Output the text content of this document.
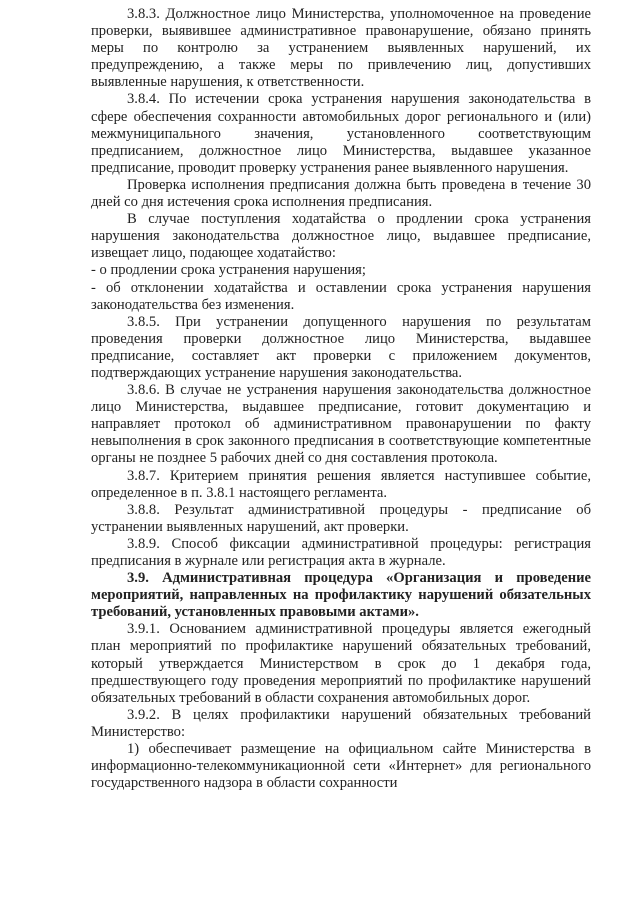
3.8.3. Должностное лицо Министерства, уполномоченное на проведение проверки, выявившее административное правонарушение, обязано принять меры по контролю за устранением выявленных нарушений, их предупреждению, а также меры по привлечению лиц, допустивших выявленные нарушения, к ответственности.

3.8.4. По истечении срока устранения нарушения законодательства в сфере обеспечения сохранности автомобильных дорог регионального и (или) межмуниципального значения, установленного соответствующим предписанием, должностное лицо Министерства, выдавшее указанное предписание, проводит проверку устранения ранее выявленного нарушения.

Проверка исполнения предписания должна быть проведена в течение 30 дней со дня истечения срока исполнения предписания.

В случае поступления ходатайства о продлении срока устранения нарушения законодательства должностное лицо, выдавшее предписание, извещает лицо, подающее ходатайство:

- о продлении срока устранения нарушения;

- об отклонении ходатайства и оставлении срока устранения нарушения законодательства без изменения.

3.8.5. При устранении допущенного нарушения по результатам проведения проверки должностное лицо Министерства, выдавшее предписание, составляет акт проверки с приложением документов, подтверждающих устранение нарушения законодательства.

3.8.6. В случае не устранения нарушения законодательства должностное лицо Министерства, выдавшее предписание, готовит документацию и направляет протокол об административном правонарушении по факту невыполнения в срок законного предписания в соответствующие компетентные органы не позднее 5 рабочих дней со дня составления протокола.

3.8.7. Критерием принятия решения является наступившее событие, определенное в п. 3.8.1 настоящего регламента.

3.8.8. Результат административной процедуры - предписание об устранении выявленных нарушений, акт проверки.

3.8.9. Способ фиксации административной процедуры: регистрация предписания в журнале или регистрация акта в журнале.

3.9. Административная процедура «Организация и проведение мероприятий, направленных на профилактику нарушений обязательных требований, установленных правовыми актами».

3.9.1. Основанием административной процедуры является ежегодный план мероприятий по профилактике нарушений обязательных требований, который утверждается Министерством в срок до 1 декабря года, предшествующего году проведения мероприятий по профилактике нарушений обязательных требований в области сохранения автомобильных дорог.

3.9.2. В целях профилактики нарушений обязательных требований Министерство:

1) обеспечивает размещение на официальном сайте Министерства в информационно-телекоммуникационной сети «Интернет» для регионального государственного надзора в области сохранности
